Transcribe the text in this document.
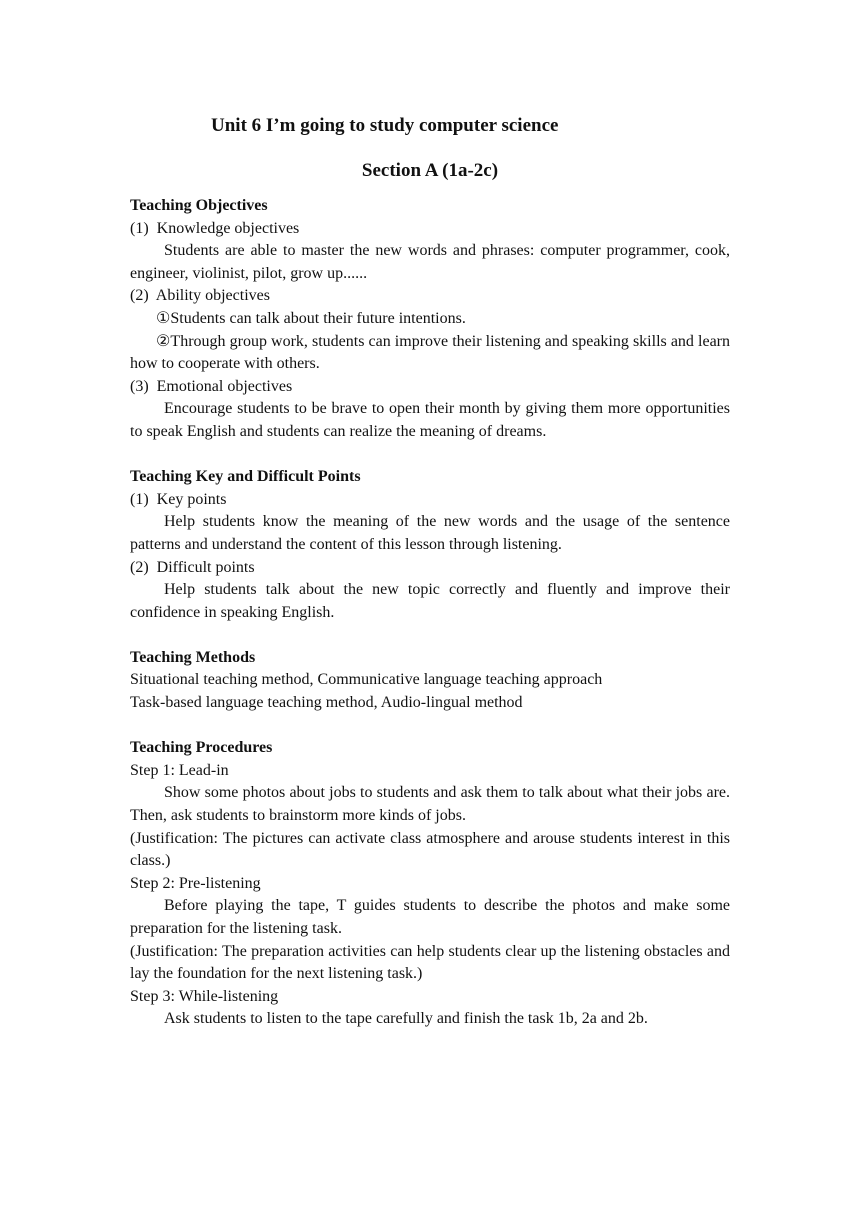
Unit 6 I’m going to study computer science
Section A (1a-2c)

Teaching Objectives

(1)  Knowledge objectives

Students are able to master the new words and phrases: computer programmer, cook, engineer, violinist, pilot, grow up......

(2)  Ability objectives

①Students can talk about their future intentions.

②Through group work, students can improve their listening and speaking skills and learn how to cooperate with others.

(3)  Emotional objectives

Encourage students to be brave to open their month by giving them more opportunities to speak English and students can realize the meaning of dreams.

Teaching Key and Difficult Points

(1)  Key points

Help students know the meaning of the new words and the usage of the sentence patterns and understand the content of this lesson through listening.

(2)  Difficult points

Help students talk about the new topic correctly and fluently and improve their confidence in speaking English.

Teaching Methods

Situational teaching method, Communicative language teaching approach

Task-based language teaching method, Audio-lingual method

Teaching Procedures

Step 1: Lead-in

Show some photos about jobs to students and ask them to talk about what their jobs are. Then, ask students to brainstorm more kinds of jobs.

(Justification: The pictures can activate class atmosphere and arouse students interest in this class.)

Step 2: Pre-listening

Before playing the tape, T guides students to describe the photos and make some preparation for the listening task.

(Justification: The preparation activities can help students clear up the listening obstacles and lay the foundation for the next listening task.)

Step 3: While-listening

Ask students to listen to the tape carefully and finish the task 1b, 2a and 2b.
